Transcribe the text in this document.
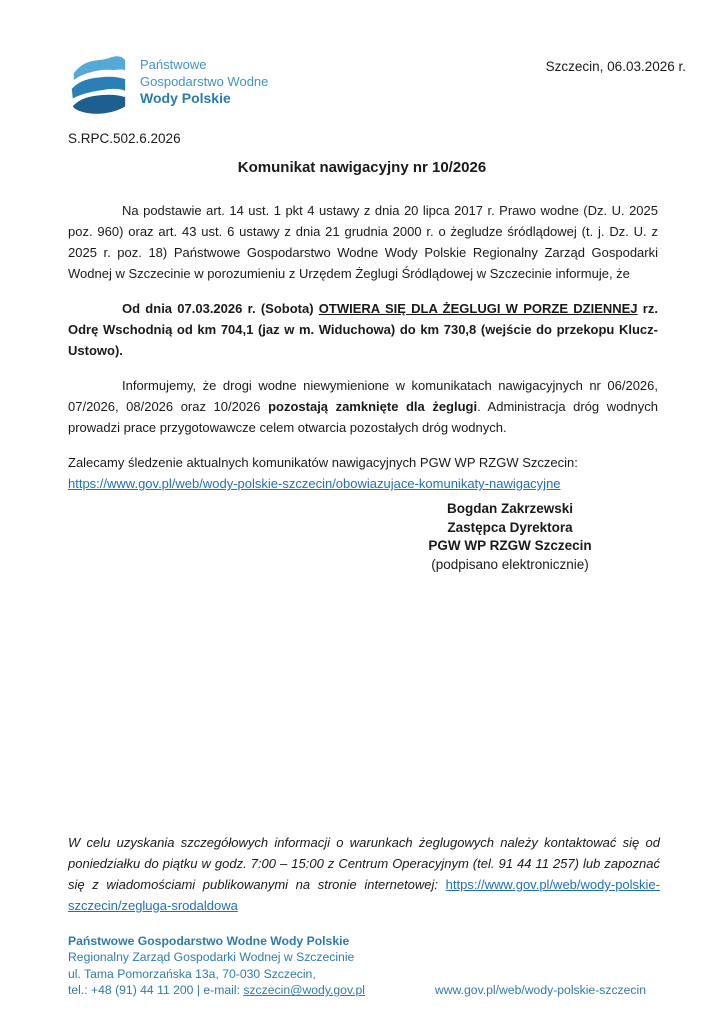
Państwowe
Gospodarstwo Wodne
Wody Polskie
Szczecin, 06.03.2026 r.
S.RPC.502.6.2026
Komunikat nawigacyjny nr 10/2026

Na podstawie art. 14 ust. 1 pkt 4 ustawy z dnia 20 lipca 2017 r. Prawo wodne (Dz. U. 2025 poz. 960) oraz art. 43 ust. 6 ustawy z dnia 21 grudnia 2000 r. o żegludze śródlądowej (t. j. Dz. U. z 2025 r. poz. 18) Państwowe Gospodarstwo Wodne Wody Polskie Regionalny Zarząd Gospodarki Wodnej w Szczecinie w porozumieniu z Urzędem Żeglugi Śródlądowej w Szczecinie informuje, że

Od dnia 07.03.2026 r. (Sobota) OTWIERA SIĘ DLA ŻEGLUGI W PORZE DZIENNEJ rz. Odrę Wschodnią od km 704,1 (jaz w m. Widuchowa) do km 730,8 (wejście do przekopu Klucz-Ustowo).

Informujemy, że drogi wodne niewymienione w komunikatach nawigacyjnych nr 06/2026, 07/2026, 08/2026 oraz 10/2026 pozostają zamknięte dla żeglugi. Administracja dróg wodnych prowadzi prace przygotowawcze celem otwarcia pozostałych dróg wodnych.

Zalecamy śledzenie aktualnych komunikatów nawigacyjnych PGW WP RZGW Szczecin:
https://www.gov.pl/web/wody-polskie-szczecin/obowiazujace-komunikaty-nawigacyjne

Bogdan Zakrzewski
Zastępca Dyrektora
PGW WP RZGW Szczecin
(podpisano elektronicznie)
W celu uzyskania szczegółowych informacji o warunkach żeglugowych należy kontaktować się od poniedziałku do piątku w godz. 7:00 – 15:00 z Centrum Operacyjnym (tel. 91 44 11 257) lub zapoznać się z wiadomościami publikowanymi na stronie internetowej: https://www.gov.pl/web/wody-polskie-szczecin/zegluga-srodaldowa
Państwowe Gospodarstwo Wodne Wody Polskie
Regionalny Zarząd Gospodarki Wodnej w Szczecinie
ul. Tama Pomorzańska 13a, 70-030 Szczecin,
tel.: +48 (91) 44 11 200 | e-mail: szczecin@wody.gov.pl	www.gov.pl/web/wody-polskie-szczecin
